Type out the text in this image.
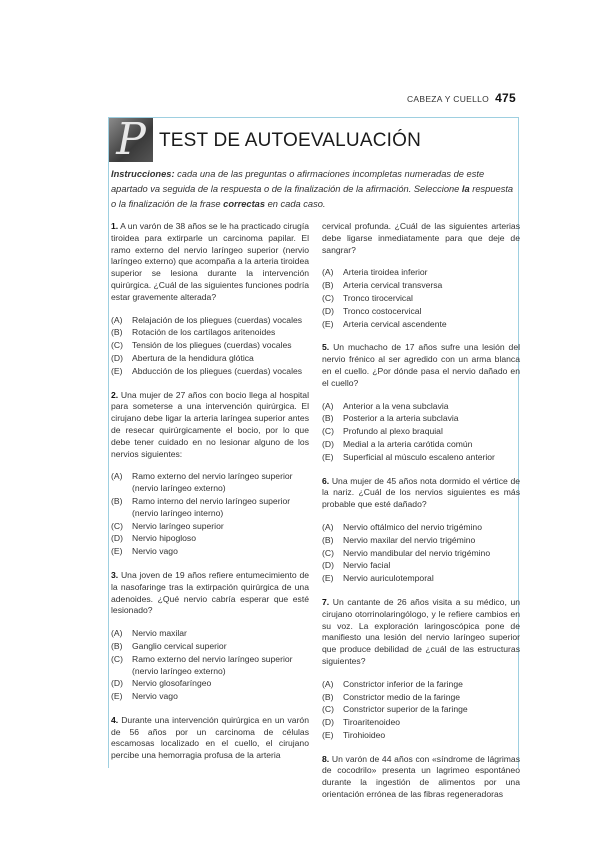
CABEZA Y CUELLO 475
P TEST DE AUTOEVALUACIÓN
Instrucciones: cada una de las preguntas o afirmaciones incompletas numeradas de este apartado va seguida de la respuesta o de la finalización de la afirmación. Seleccione la respuesta o la finalización de la frase correctas en cada caso.

1. A un varón de 38 años se le ha practicado cirugía tiroidea para extirparle un carcinoma papilar. El ramo externo del nervio laríngeo superior (nervio laríngeo externo) que acompaña a la arteria tiroidea superior se lesiona durante la intervención quirúrgica. ¿Cuál de las siguientes funciones podría estar gravemente alterada?

(A)	Relajación de los pliegues (cuerdas) vocales
(B)	Rotación de los cartílagos aritenoides
(C)	Tensión de los pliegues (cuerdas) vocales
(D)	Abertura de la hendidura glótica
(E)	Abducción de los pliegues (cuerdas) vocales

2. Una mujer de 27 años con bocio llega al hospital para someterse a una intervención quirúrgica. El cirujano debe ligar la arteria laríngea superior antes de resecar quirúrgicamente el bocio, por lo que debe tener cuidado en no lesionar alguno de los nervios siguientes:

(A)	Ramo externo del nervio laríngeo superior (nervio laríngeo externo)
(B)	Ramo interno del nervio laríngeo superior (nervio laríngeo interno)
(C)	Nervio laríngeo superior
(D)	Nervio hipogloso
(E)	Nervio vago

3. Una joven de 19 años refiere entumecimiento de la nasofaringe tras la extirpación quirúrgica de una adenoides. ¿Qué nervio cabría esperar que esté lesionado?

(A)	Nervio maxilar
(B)	Ganglio cervical superior
(C)	Ramo externo del nervio laríngeo superior (nervio laríngeo externo)
(D)	Nervio glosofaríngeo
(E)	Nervio vago

4. Durante una intervención quirúrgica en un varón de 56 años por un carcinoma de células escamosas localizado en el cuello, el cirujano percibe una hemorragia profusa de la arteria

cervical profunda. ¿Cuál de las siguientes arterias debe ligarse inmediatamente para que deje de sangrar?

(A)	Arteria tiroidea inferior
(B)	Arteria cervical transversa
(C)	Tronco tirocervical
(D)	Tronco costocervical
(E)	Arteria cervical ascendente

5. Un muchacho de 17 años sufre una lesión del nervio frénico al ser agredido con un arma blanca en el cuello. ¿Por dónde pasa el nervio dañado en el cuello?

(A)	Anterior a la vena subclavia
(B)	Posterior a la arteria subclavia
(C)	Profundo al plexo braquial
(D)	Medial a la arteria carótida común
(E)	Superficial al músculo escaleno anterior

6. Una mujer de 45 años nota dormido el vértice de la nariz. ¿Cuál de los nervios siguientes es más probable que esté dañado?

(A)	Nervio oftálmico del nervio trigémino
(B)	Nervio maxilar del nervio trigémino
(C)	Nervio mandibular del nervio trigémino
(D)	Nervio facial
(E)	Nervio auriculotemporal

7. Un cantante de 26 años visita a su médico, un cirujano otorrinolaringólogo, y le refiere cambios en su voz. La exploración laringoscópica pone de manifiesto una lesión del nervio laríngeo superior que produce debilidad de ¿cuál de las estructuras siguientes?

(A)	Constrictor inferior de la faringe
(B)	Constrictor medio de la faringe
(C)	Constrictor superior de la faringe
(D)	Tiroaritenoideo
(E)	Tirohioideo

8. Un varón de 44 años con «síndrome de lágrimas de cocodrilo» presenta un lagrimeo espontáneo durante la ingestión de alimentos por una orientación errónea de las fibras regeneradoras
